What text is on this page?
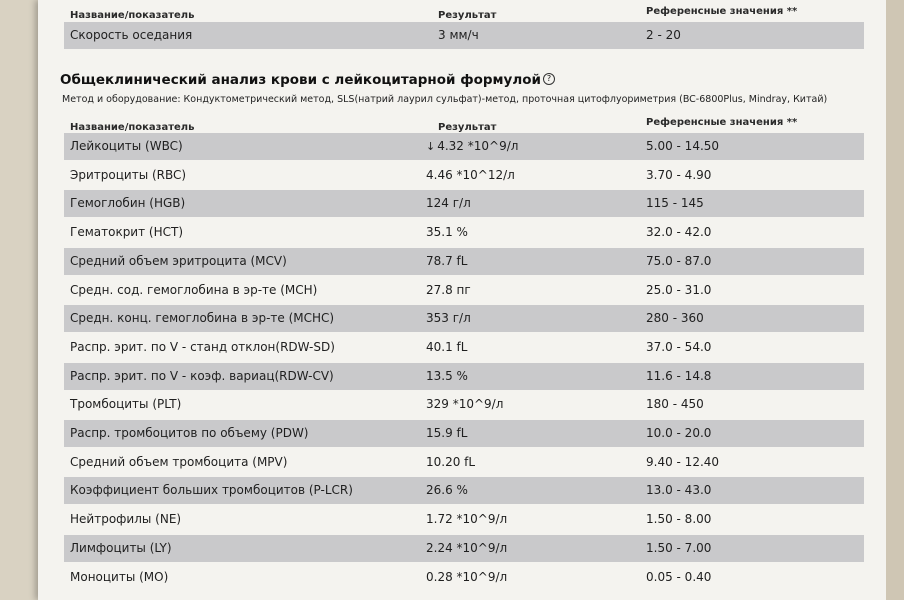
Название/показатель	Результат	Референсные значения **
Скорость оседания	3 мм/ч	2 - 20
Общеклинический анализ крови с лейкоцитарной формулой ?
Метод и оборудование: Кондуктометрический метод, SLS(натрий лаурил сульфат)-метод, проточная цитофлуориметрия (BC-6800Plus, Mindray, Китай)
Название/показатель	Результат	Референсные значения **
Лейкоциты (WBC)	↓ 4.32 *10^9/л	5.00 - 14.50
Эритроциты (RBC)	4.46 *10^12/л	3.70 - 4.90
Гемоглобин (HGB)	124 г/л	115 - 145
Гематокрит (HCT)	35.1 %	32.0 - 42.0
Средний объем эритроцита (MCV)	78.7 fL	75.0 - 87.0
Средн. сод. гемоглобина в эр-те (MCH)	27.8 пг	25.0 - 31.0
Средн. конц. гемоглобина в эр-те (MCHC)	353 г/л	280 - 360
Распр. эрит. по V - станд отклон(RDW-SD)	40.1 fL	37.0 - 54.0
Распр. эрит. по V - коэф. вариац(RDW-CV)	13.5 %	11.6 - 14.8
Тромбоциты (PLT)	329 *10^9/л	180 - 450
Распр. тромбоцитов по объему (PDW)	15.9 fL	10.0 - 20.0
Средний объем тромбоцита (MPV)	10.20 fL	9.40 - 12.40
Коэффициент больших тромбоцитов (P-LCR)	26.6 %	13.0 - 43.0
Нейтрофилы (NE)	1.72 *10^9/л	1.50 - 8.00
Лимфоциты (LY)	2.24 *10^9/л	1.50 - 7.00
Моноциты (MO)	0.28 *10^9/л	0.05 - 0.40
